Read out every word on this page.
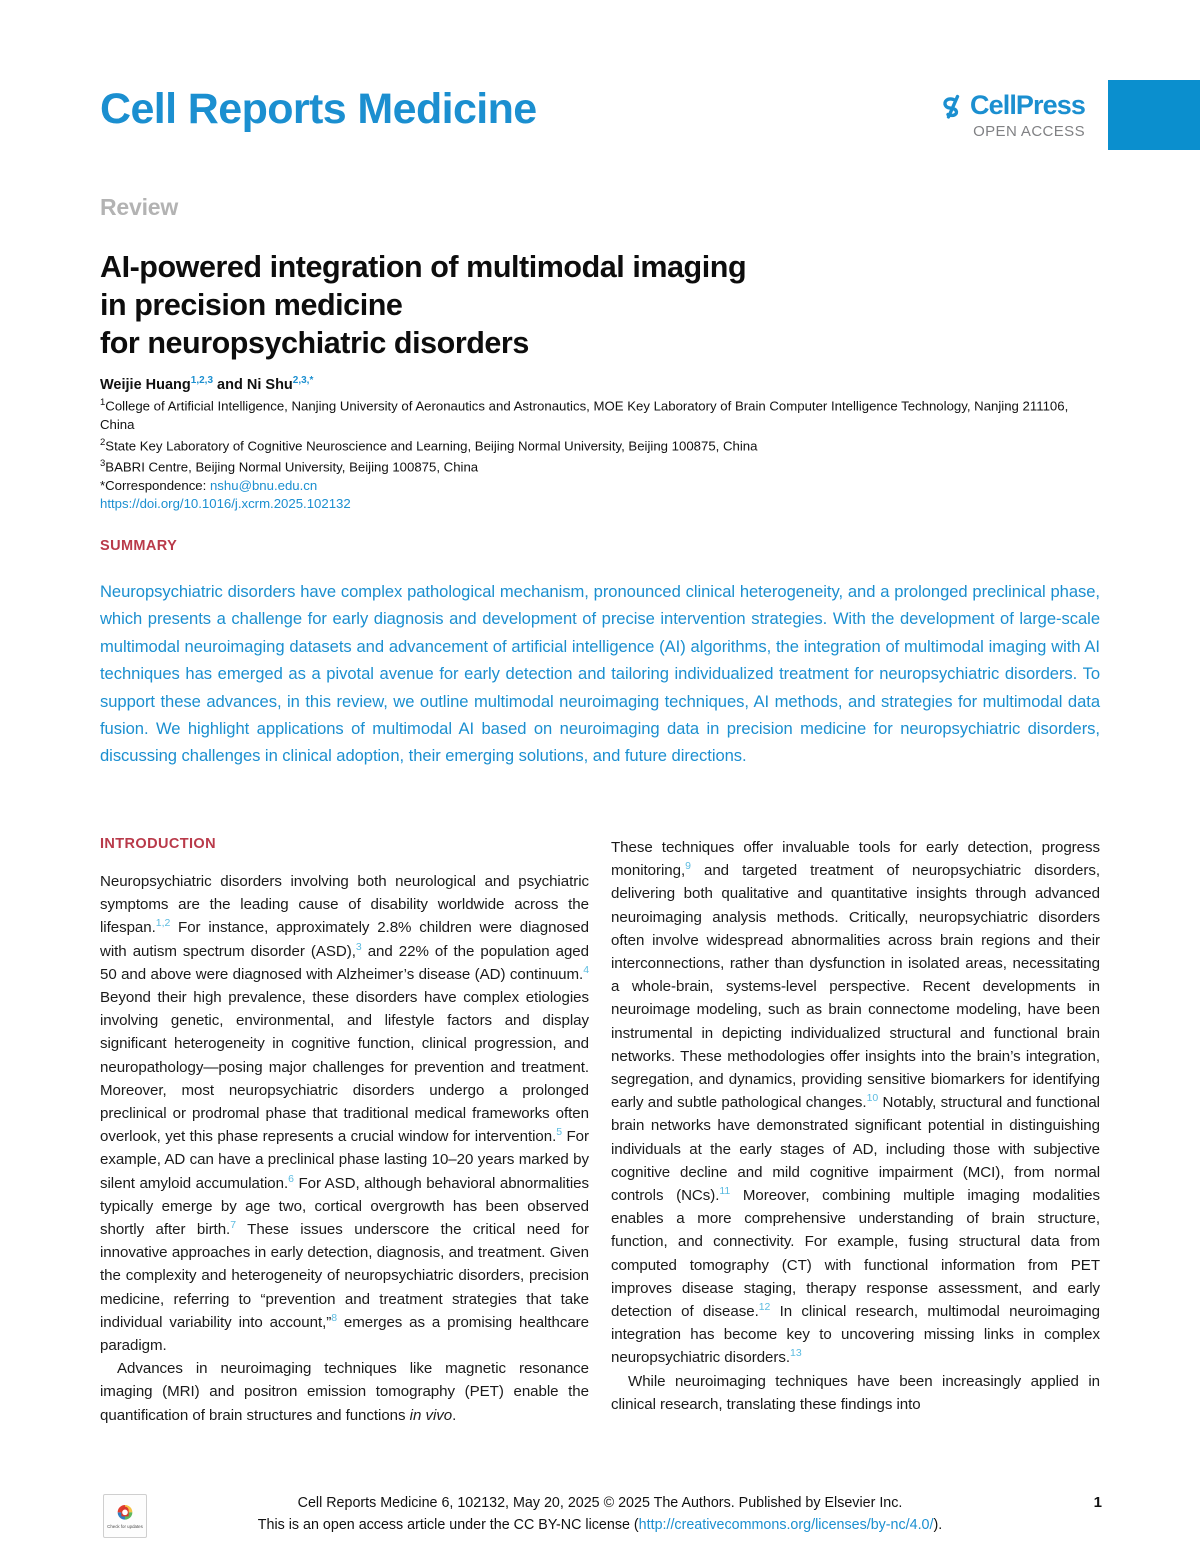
Cell Reports Medicine	CellPress
OPEN ACCESS
Review
AI-powered integration of multimodal imaging
in precision medicine
for neuropsychiatric disorders
Weijie Huang$^{1,2,3}$ and Ni Shu$^{2,3,*}$

$^1$College of Artificial Intelligence, Nanjing University of Aeronautics and Astronautics, MOE Key Laboratory of Brain Computer Intelligence Technology, Nanjing 211106, China

$^2$State Key Laboratory of Cognitive Neuroscience and Learning, Beijing Normal University, Beijing 100875, China

$^3$BABRI Centre, Beijing Normal University, Beijing 100875, China

*Correspondence: nshu@bnu.edu.cn

https://doi.org/10.1016/j.xcrm.2025.102132
SUMMARY
Neuropsychiatric disorders have complex pathological mechanism, pronounced clinical heterogeneity, and a prolonged preclinical phase, which presents a challenge for early diagnosis and development of precise intervention strategies. With the development of large-scale multimodal neuroimaging datasets and advancement of artificial intelligence (AI) algorithms, the integration of multimodal imaging with AI techniques has emerged as a pivotal avenue for early detection and tailoring individualized treatment for neuropsychiatric disorders. To support these advances, in this review, we outline multimodal neuroimaging techniques, AI methods, and strategies for multimodal data fusion. We highlight applications of multimodal AI based on neuroimaging data in precision medicine for neuropsychiatric disorders, discussing challenges in clinical adoption, their emerging solutions, and future directions.
INTRODUCTION

Neuropsychiatric disorders involving both neurological and psychiatric symptoms are the leading cause of disability worldwide across the lifespan.$^{1,2}$ For instance, approximately 2.8% children were diagnosed with autism spectrum disorder (ASD),$^3$ and 22% of the population aged 50 and above were diagnosed with Alzheimer’s disease (AD) continuum.$^4$ Beyond their high prevalence, these disorders have complex etiologies involving genetic, environmental, and lifestyle factors and display significant heterogeneity in cognitive function, clinical progression, and neuropathology—posing major challenges for prevention and treatment. Moreover, most neuropsychiatric disorders undergo a prolonged preclinical or prodromal phase that traditional medical frameworks often overlook, yet this phase represents a crucial window for intervention.$^5$ For example, AD can have a preclinical phase lasting 10–20 years marked by silent amyloid accumulation.$^6$ For ASD, although behavioral abnormalities typically emerge by age two, cortical overgrowth has been observed shortly after birth.$^7$ These issues underscore the critical need for innovative approaches in early detection, diagnosis, and treatment. Given the complexity and heterogeneity of neuropsychiatric disorders, precision medicine, referring to “prevention and treatment strategies that take individual variability into account,”$^8$ emerges as a promising healthcare paradigm.

Advances in neuroimaging techniques like magnetic resonance imaging (MRI) and positron emission tomography (PET) enable the quantification of brain structures and functions in vivo.

These techniques offer invaluable tools for early detection, progress monitoring,$^9$ and targeted treatment of neuropsychiatric disorders, delivering both qualitative and quantitative insights through advanced neuroimaging analysis methods. Critically, neuropsychiatric disorders often involve widespread abnormalities across brain regions and their interconnections, rather than dysfunction in isolated areas, necessitating a whole-brain, systems-level perspective. Recent developments in neuroimage modeling, such as brain connectome modeling, have been instrumental in depicting individualized structural and functional brain networks. These methodologies offer insights into the brain’s integration, segregation, and dynamics, providing sensitive biomarkers for identifying early and subtle pathological changes.$^{10}$ Notably, structural and functional brain networks have demonstrated significant potential in distinguishing individuals at the early stages of AD, including those with subjective cognitive decline and mild cognitive impairment (MCI), from normal controls (NCs).$^{11}$ Moreover, combining multiple imaging modalities enables a more comprehensive understanding of brain structure, function, and connectivity. For example, fusing structural data from computed tomography (CT) with functional information from PET improves disease staging, therapy response assessment, and early detection of disease.$^{12}$ In clinical research, multimodal neuroimaging integration has become key to uncovering missing links in complex neuropsychiatric disorders.$^{13}$

While neuroimaging techniques have been increasingly applied in clinical research, translating these findings into

Check for updates
Cell Reports Medicine 6, 102132, May 20, 2025 © 2025 The Authors. Published by Elsevier Inc.
This is an open access article under the CC BY-NC license (http://creativecommons.org/licenses/by-nc/4.0/).
1
